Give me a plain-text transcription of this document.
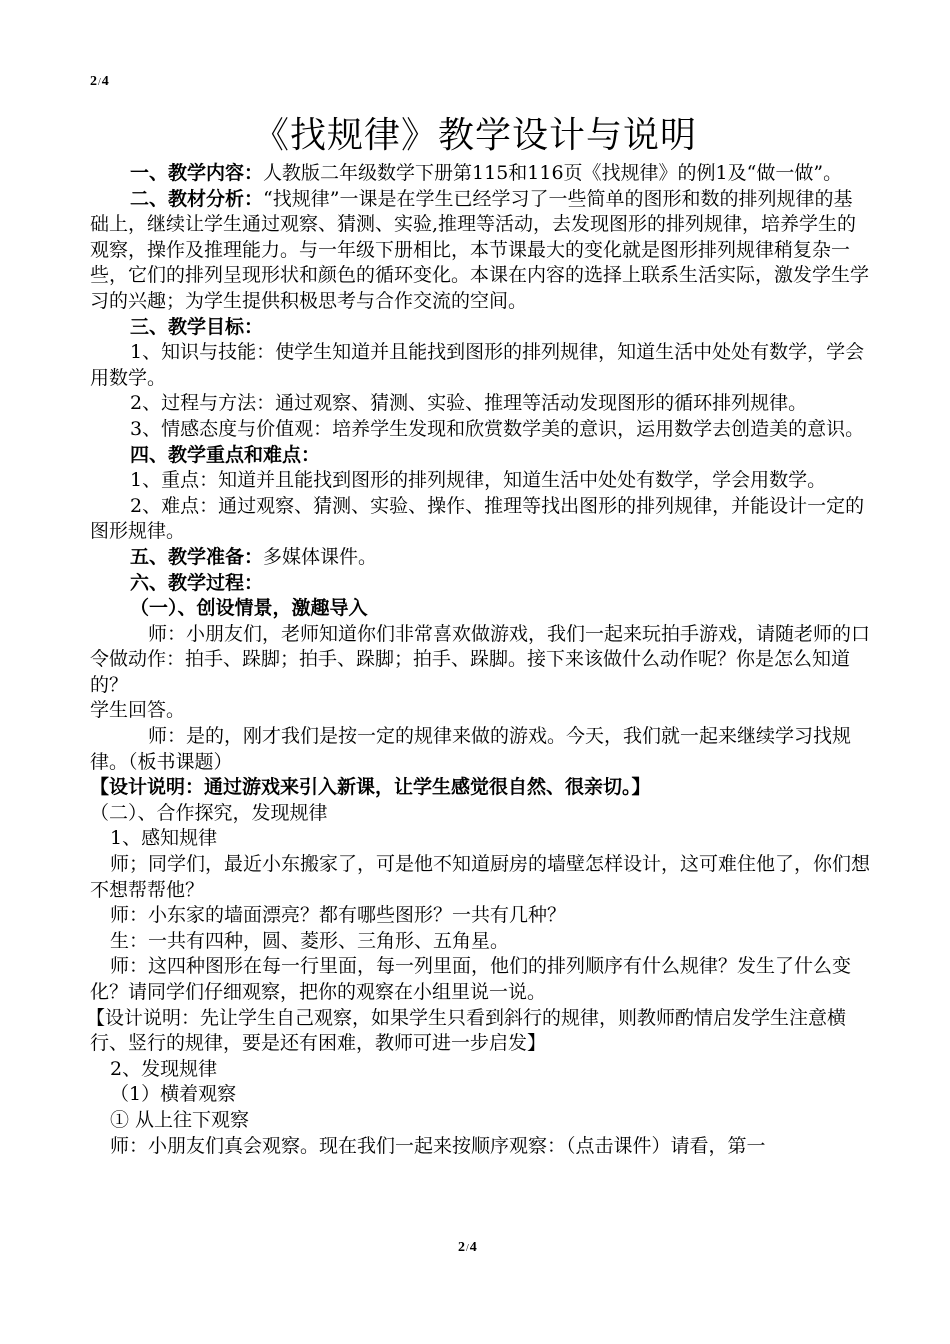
2/4
《找规律》教学设计与说明

一、教学内容：人教版二年级数学下册第115和116页《找规律》的例1及“做一做”。

二、教材分析：“找规律”一课是在学生已经学习了一些简单的图形和数的排列规律的基础上，继续让学生通过观察、猜测、实验,推理等活动，去发现图形的排列规律，培养学生的观察，操作及推理能力。与一年级下册相比，本节课最大的变化就是图形排列规律稍复杂一些，它们的排列呈现形状和颜色的循环变化。本课在内容的选择上联系生活实际，激发学生学习的兴趣；为学生提供积极思考与合作交流的空间。

三、教学目标：

1、知识与技能：使学生知道并且能找到图形的排列规律，知道生活中处处有数学，学会用数学。

2、过程与方法：通过观察、猜测、实验、推理等活动发现图形的循环排列规律。

3、情感态度与价值观：培养学生发现和欣赏数学美的意识，运用数学去创造美的意识。

四、教学重点和难点：

1、重点：知道并且能找到图形的排列规律，知道生活中处处有数学，学会用数学。

2、难点：通过观察、猜测、实验、操作、推理等找出图形的排列规律，并能设计一定的图形规律。

五、教学准备：多媒体课件。

六、教学过程：

（一）、创设情景，激趣导入

师：小朋友们，老师知道你们非常喜欢做游戏，我们一起来玩拍手游戏，请随老师的口令做动作：拍手、跺脚；拍手、跺脚；拍手、跺脚。接下来该做什么动作呢？你是怎么知道的？

学生回答。

师：是的，刚才我们是按一定的规律来做的游戏。今天，我们就一起来继续学习找规律。（板书课题）

【设计说明：通过游戏来引入新课，让学生感觉很自然、很亲切。】

（二）、合作探究，发现规律

1、感知规律

师；同学们，最近小东搬家了，可是他不知道厨房的墙壁怎样设计，这可难住他了，你们想不想帮帮他？

师：小东家的墙面漂亮？都有哪些图形？一共有几种？

生：一共有四种，圆、菱形、三角形、五角星。

师：这四种图形在每一行里面，每一列里面，他们的排列顺序有什么规律？发生了什么变化？请同学们仔细观察，把你的观察在小组里说一说。

【设计说明：先让学生自己观察，如果学生只看到斜行的规律，则教师酌情启发学生注意横行、竖行的规律，要是还有困难，教师可进一步启发】

2、发现规律

（1）横着观察

① 从上往下观察

师：小朋友们真会观察。现在我们一起来按顺序观察：（点击课件）请看，第一

2/4
